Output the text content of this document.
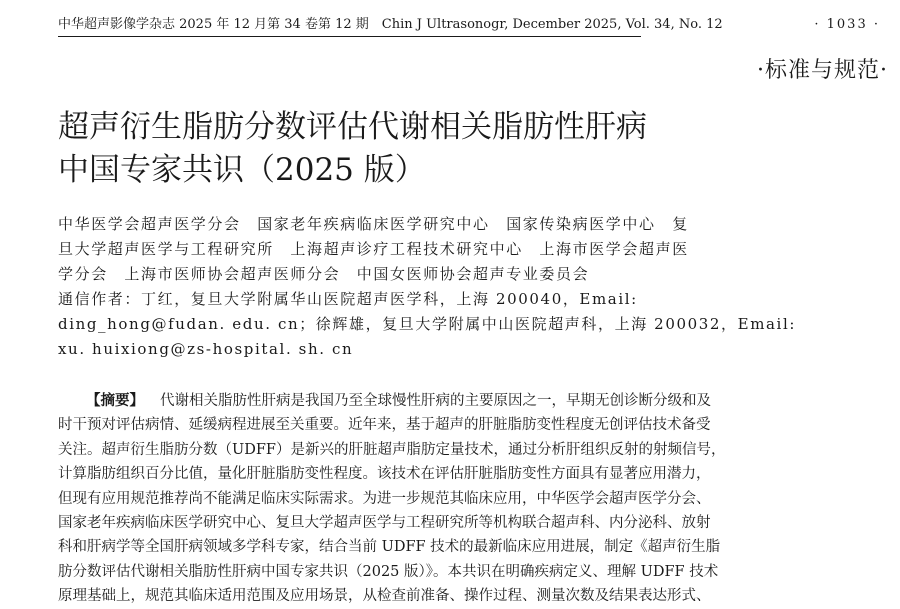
中华超声影像学杂志 2025 年 12 月第 34 卷第 12 期　Chin J Ultrasonogr, December 2025, Vol. 34, No. 12	· 1033 ·
·标准与规范·
超声衍生脂肪分数评估代谢相关脂肪性肝病
中国专家共识（2025 版）
中华医学会超声医学分会　国家老年疾病临床医学研究中心　国家传染病医学中心　复
旦大学超声医学与工程研究所　上海超声诊疗工程技术研究中心　上海市医学会超声医
学分会　上海市医师协会超声医师分会　中国女医师协会超声专业委员会
通信作者：丁红，复旦大学附属华山医院超声医学科，上海 200040，Email:
ding_hong@fudan. edu. cn；徐辉雄，复旦大学附属中山医院超声科，上海 200032，Email:
xu. huixiong@zs-hospital. sh. cn
【摘要】 代谢相关脂肪性肝病是我国乃至全球慢性肝病的主要原因之一，早期无创诊断分级和及
时干预对评估病情、延缓病程进展至关重要。近年来，基于超声的肝脏脂肪变性程度无创评估技术备受
关注。超声衍生脂肪分数（UDFF）是新兴的肝脏超声脂肪定量技术，通过分析肝组织反射的射频信号，
计算脂肪组织百分比值，量化肝脏脂肪变性程度。该技术在评估肝脏脂肪变性方面具有显著应用潜力，
但现有应用规范推荐尚不能满足临床实际需求。为进一步规范其临床应用，中华医学会超声医学分会、
国家老年疾病临床医学研究中心、复旦大学超声医学与工程研究所等机构联合超声科、内分泌科、放射
科和肝病学等全国肝病领域多学科专家，结合当前 UDFF 技术的最新临床应用进展，制定《超声衍生脂
肪分数评估代谢相关脂肪性肝病中国专家共识（2025 版）》。本共识在明确疾病定义、理解 UDFF 技术
原理基础上，规范其临床适用范围及应用场景，从检查前准备、操作过程、测量次数及结果表达形式、
